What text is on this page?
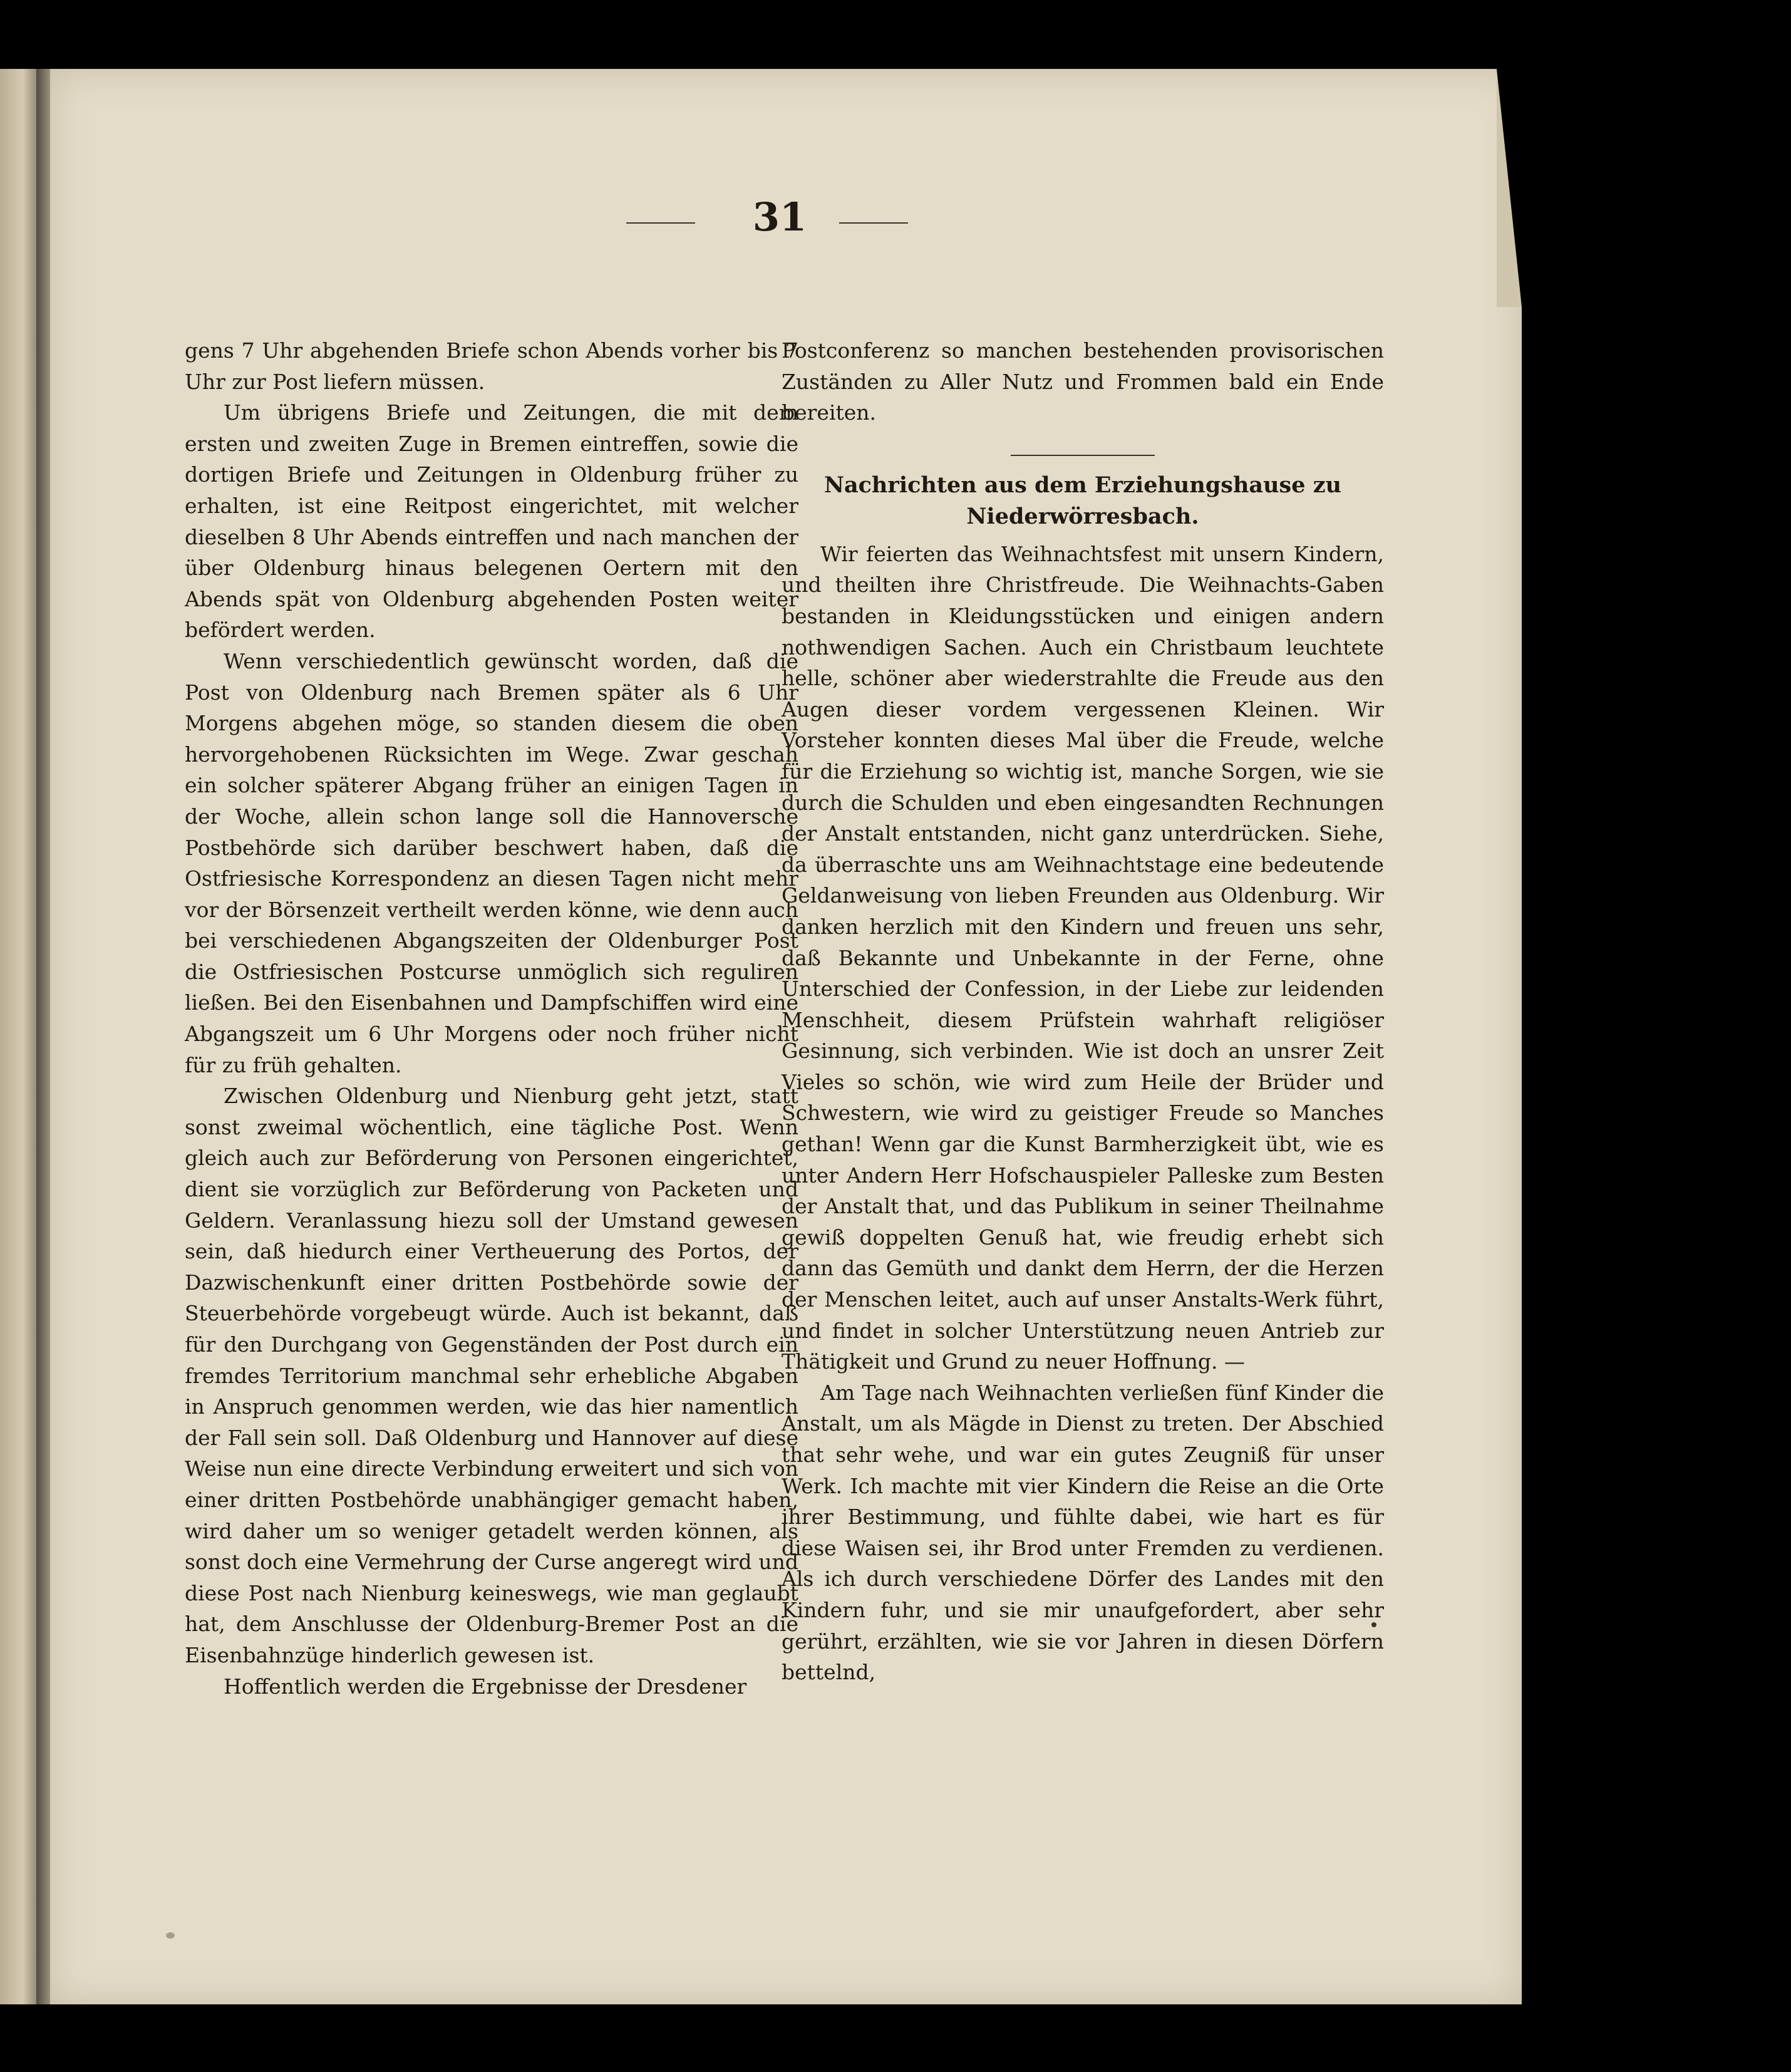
31

gens 7 Uhr abgehenden Briefe schon Abends vorher bis 7 Uhr zur Post liefern müssen.

Um übrigens Briefe und Zeitungen, die mit dem ersten und zweiten Zuge in Bremen eintreffen, sowie die dortigen Briefe und Zeitungen in Oldenburg früher zu erhalten, ist eine Reitpost eingerichtet, mit welcher dieselben 8 Uhr Abends eintreffen und nach manchen der über Oldenburg hinaus belegenen Oertern mit den Abends spät von Oldenburg abgehenden Posten weiter befördert werden.

Wenn verschiedentlich gewünscht worden, daß die Post von Oldenburg nach Bremen später als 6 Uhr Morgens abgehen möge, so standen diesem die oben hervorgehobenen Rücksichten im Wege. Zwar geschah ein solcher späterer Abgang früher an einigen Tagen in der Woche, allein schon lange soll die Hannoversche Postbehörde sich darüber beschwert haben, daß die Ostfriesische Korrespondenz an diesen Tagen nicht mehr vor der Börsenzeit vertheilt werden könne, wie denn auch bei verschiedenen Abgangszeiten der Oldenburger Post die Ostfriesischen Postcurse unmöglich sich reguliren ließen. Bei den Eisenbahnen und Dampfschiffen wird eine Abgangszeit um 6 Uhr Morgens oder noch früher nicht für zu früh gehalten.

Zwischen Oldenburg und Nienburg geht jetzt, statt sonst zweimal wöchentlich, eine tägliche Post. Wenn gleich auch zur Beförderung von Personen eingerichtet, dient sie vorzüglich zur Beförderung von Packeten und Geldern. Veranlassung hiezu soll der Umstand gewesen sein, daß hiedurch einer Vertheuerung des Portos, der Dazwischenkunft einer dritten Postbehörde sowie der Steuerbehörde vorgebeugt würde. Auch ist bekannt, daß für den Durchgang von Gegenständen der Post durch ein fremdes Territorium manchmal sehr erhebliche Abgaben in Anspruch genommen werden, wie das hier namentlich der Fall sein soll. Daß Oldenburg und Hannover auf diese Weise nun eine directe Verbindung erweitert und sich von einer dritten Postbehörde unabhängiger gemacht haben, wird daher um so weniger getadelt werden können, als sonst doch eine Vermehrung der Curse angeregt wird und diese Post nach Nienburg keineswegs, wie man geglaubt hat, dem Anschlusse der Oldenburg-Bremer Post an die Eisenbahnzüge hinderlich gewesen ist.

Hoffentlich werden die Ergebnisse der Dresdener

Postconferenz so manchen bestehenden provisorischen Zuständen zu Aller Nutz und Frommen bald ein Ende bereiten.

Nachrichten aus dem Erziehungshause zu Niederwörresbach.

Wir feierten das Weihnachtsfest mit unsern Kindern, und theilten ihre Christfreude. Die Weihnachts-Gaben bestanden in Kleidungsstücken und einigen andern nothwendigen Sachen. Auch ein Christbaum leuchtete helle, schöner aber wiederstrahlte die Freude aus den Augen dieser vordem vergessenen Kleinen. Wir Vorsteher konnten dieses Mal über die Freude, welche für die Erziehung so wichtig ist, manche Sorgen, wie sie durch die Schulden und eben eingesandten Rechnungen der Anstalt entstanden, nicht ganz unterdrücken. Siehe, da überraschte uns am Weihnachtstage eine bedeutende Geldanweisung von lieben Freunden aus Oldenburg. Wir danken herzlich mit den Kindern und freuen uns sehr, daß Bekannte und Unbekannte in der Ferne, ohne Unterschied der Confession, in der Liebe zur leidenden Menschheit, diesem Prüfstein wahrhaft religiöser Gesinnung, sich verbinden. Wie ist doch an unsrer Zeit Vieles so schön, wie wird zum Heile der Brüder und Schwestern, wie wird zu geistiger Freude so Manches gethan! Wenn gar die Kunst Barmherzigkeit übt, wie es unter Andern Herr Hofschauspieler Palleske zum Besten der Anstalt that, und das Publikum in seiner Theilnahme gewiß doppelten Genuß hat, wie freudig erhebt sich dann das Gemüth und dankt dem Herrn, der die Herzen der Menschen leitet, auch auf unser Anstalts-Werk führt, und findet in solcher Unterstützung neuen Antrieb zur Thätigkeit und Grund zu neuer Hoffnung. —

Am Tage nach Weihnachten verließen fünf Kinder die Anstalt, um als Mägde in Dienst zu treten. Der Abschied that sehr wehe, und war ein gutes Zeugniß für unser Werk. Ich machte mit vier Kindern die Reise an die Orte ihrer Bestimmung, und fühlte dabei, wie hart es für diese Waisen sei, ihr Brod unter Fremden zu verdienen. Als ich durch verschiedene Dörfer des Landes mit den Kindern fuhr, und sie mir unaufgefordert, aber sehr gerührt, erzählten, wie sie vor Jahren in diesen Dörfern bettelnd,
